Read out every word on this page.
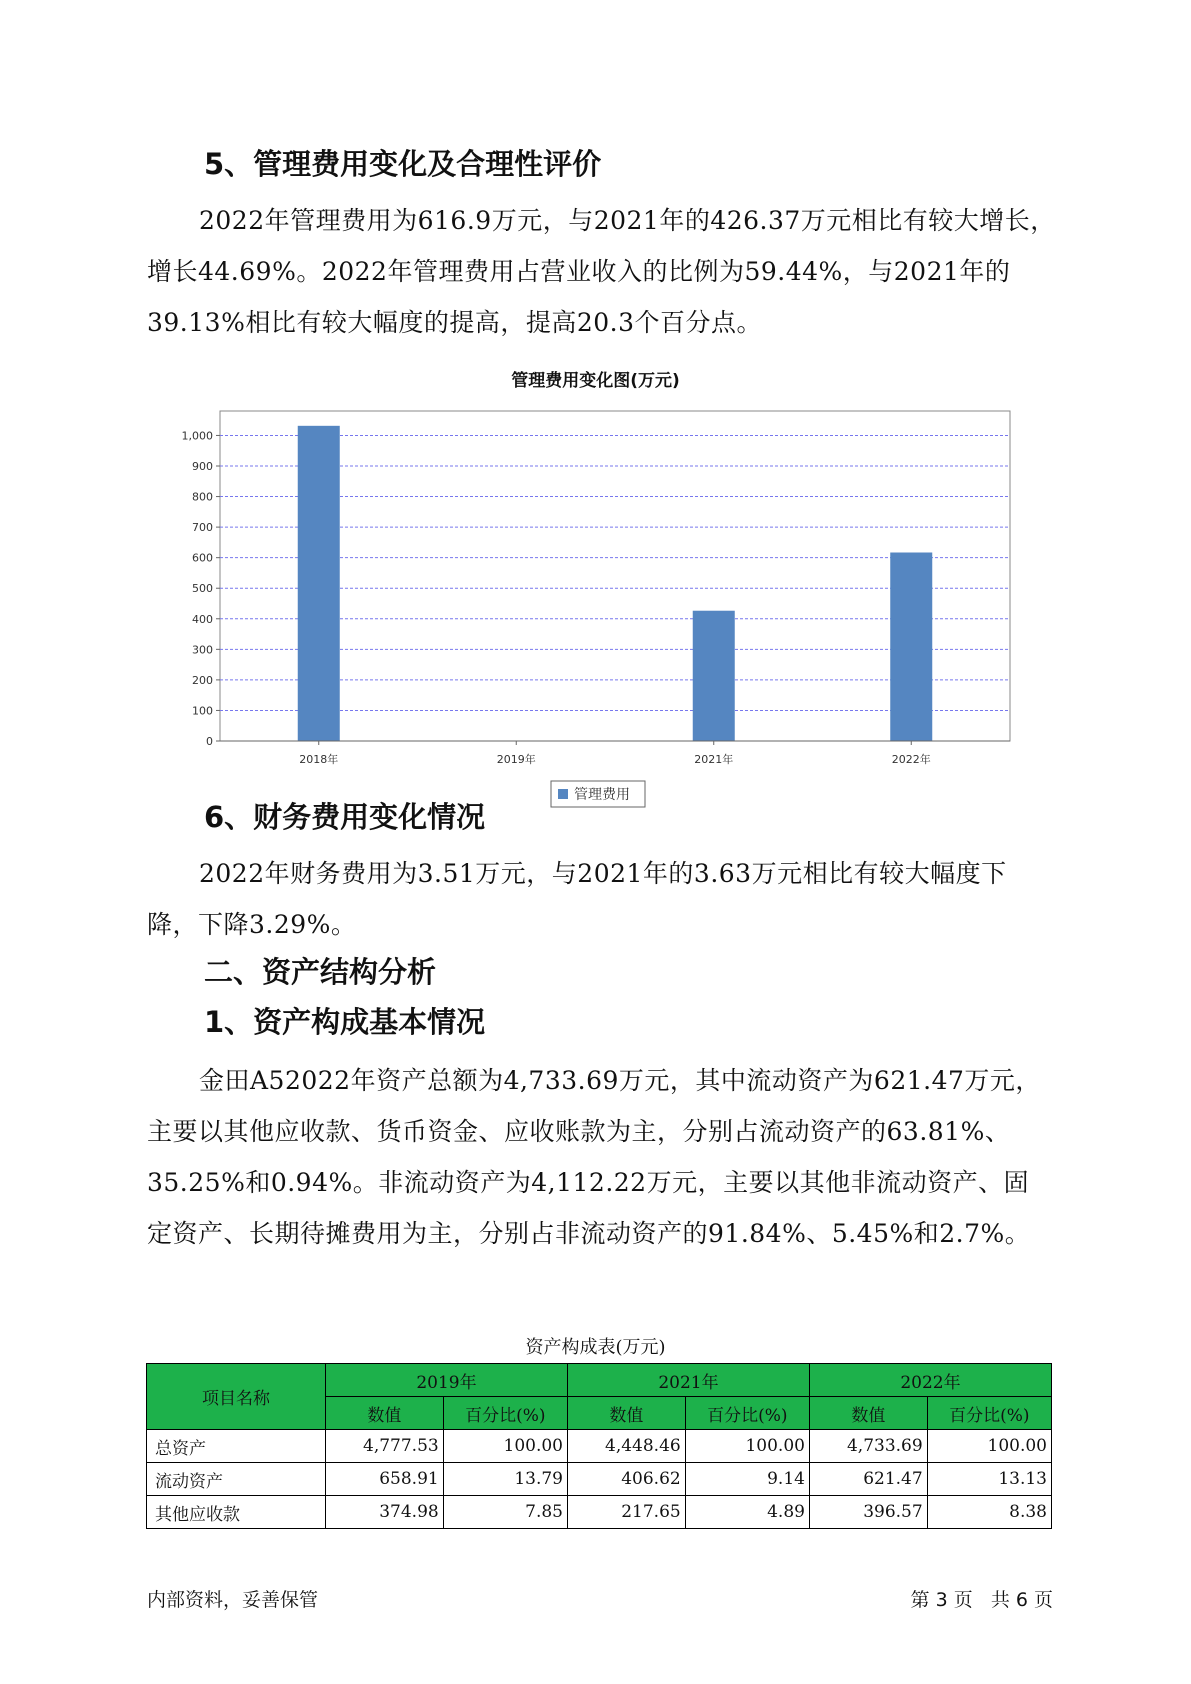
5、管理费用变化及合理性评价

2022年管理费用为616.9万元，与2021年的426.37万元相比有较大增长，
增长44.69%。2022年管理费用占营业收入的比例为59.44%，与2021年的
39.13%相比有较大幅度的提高，提高20.3个百分点。

管理费用变化图(万元)
0
100
200
300
400
500
600
700
800
900
1,000
2018年	2019年	2021年	2022年
管理费用
6、财务费用变化情况

2022年财务费用为3.51万元，与2021年的3.63万元相比有较大幅度下
降，下降3.29%。

二、资产结构分析
1、资产构成基本情况

金田A52022年资产总额为4,733.69万元，其中流动资产为621.47万元，
主要以其他应收款、货币资金、应收账款为主，分别占流动资产的63.81%、
35.25%和0.94%。非流动资产为4,112.22万元，主要以其他非流动资产、固
定资产、长期待摊费用为主，分别占非流动资产的91.84%、5.45%和2.7%。

资产构成表(万元)
项目名称	2019年		2021年		2022年	
	数值	百分比(%)	数值	百分比(%)	数值	百分比(%)
总资产	4,777.53	100.00	4,448.46	100.00	4,733.69	100.00
流动资产	658.91	13.79	406.62	9.14	621.47	13.13
其他应收款	374.98	7.85	217.65	4.89	396.57	8.38
内部资料，妥善保管	第 3 页   共 6 页
